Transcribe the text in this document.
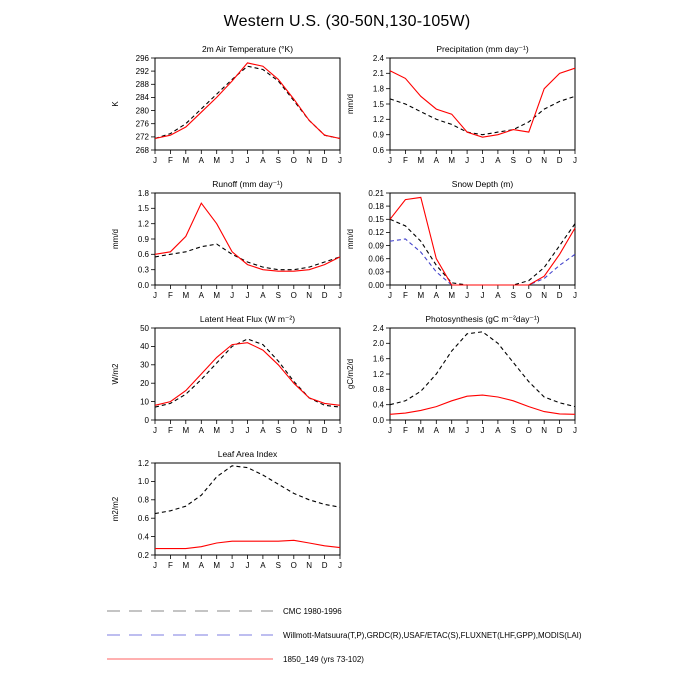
Western U.S. (30-50N,130-105W)
2m Air Temperature (°K)
K
268
272
276
280
284
288
292
296
J F M A M J J A S O N D J
Precipitation (mm day⁻¹)
mm/d
0.6
0.9
1.2
1.5
1.8
2.1
2.4
J F M A M J J A S O N D J
Runoff (mm day⁻¹)
mm/d
0.0
0.3
0.6
0.9
1.2
1.5
1.8
J F M A M J J A S O N D J
Snow Depth (m)
mm/d
0.00
0.03
0.06
0.09
0.12
0.15
0.18
0.21
J F M A M J J A S O N D J
Latent Heat Flux (W m⁻²)
W/m2
0
10
20
30
40
50
J F M A M J J A S O N D J
Photosynthesis (gC m⁻²day⁻¹)
gC/m2/d
0.0
0.4
0.8
1.2
1.6
2.0
2.4
J F M A M J J A S O N D J
Leaf Area Index
m2/m2
0.2
0.4
0.6
0.8
1.0
1.2
J F M A M J J A S O N D J
CMC 1980-1996
Willmott-Matsuura(T,P),GRDC(R),USAF/ETAC(S),FLUXNET(LHF,GPP),MODIS(LAI)
1850_149 (yrs 73-102)
